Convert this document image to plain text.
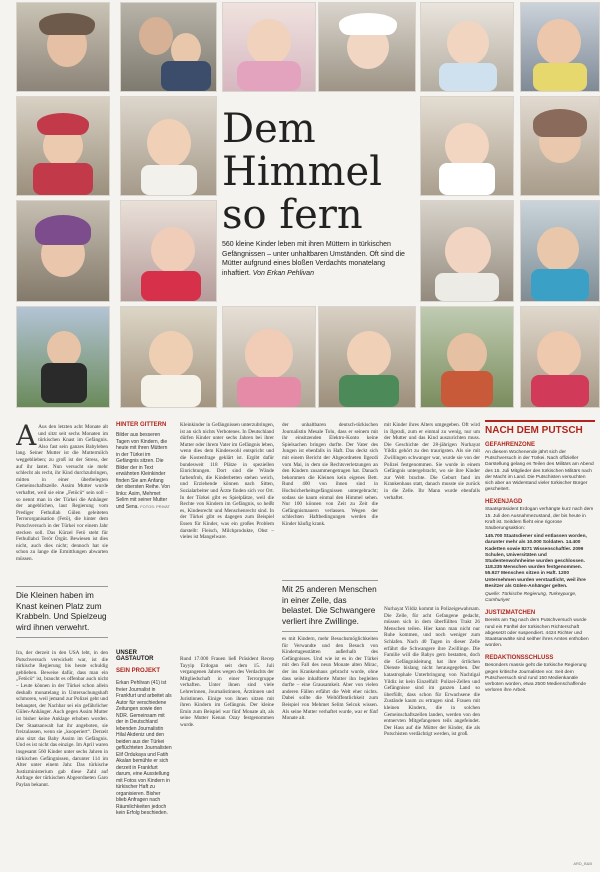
Dem
Himmel
so fern
560 kleine Kinder leben mit ihren Müttern in türkischen Gefängnissen – unter unhaltbaren Umständen. Oft sind die Mütter aufgrund eines bloßen Verdachts monatelang inhaftiert. Von Erkan Pehlivan
A Aus den letzten acht Monate alt und sitzt seit sechs Monaten im türkischen Knast im Gefängnis. Also fast sein ganzes Babyleben lang. Seiner Mutter ist die Muttermilch weggeblieben; zu groß ist der Stress, der auf ihr lastet. Nun versucht sie mehr schlecht als recht, ihr Kind durchzubringen, mitten in einer überbelegten Gemeinschaftszelle. Assim Mutter wurde verhaftet, weil sie eine „Fetöcü“ sein soll – so nennt man in der Türkei die Anhänger der angeblichen, laut Regierung vom Prediger Fethullah Gülen geleiteten Terrororganisation (Fetö), die hinter dem Putschversuch in der Türkei vor einem Jahr stecken soll. Das Kürzel Fetö steht für Fethullahci Terör Örgüt. Bewiesen ist dies nicht, auch dies nicht; dennoch hat sie schon zu lange die Ermittlungen abwarten müssen.
Die Kleinen haben im Knast keinen Platz zum Krabbeln. Und Spielzeug wird ihnen verwehrt.
Ira, der derzeit in den USA lebt, in den Putschversuch verwickelt war, ist die türkische Regierung bis heute schuldig geblieben. Beweise dafür, dass man ein „Fetöcü“ ist, braucht es offenbar auch nicht – Leute können in der Türkei schon allein deshalb monatelang in Untersuchungshaft schmoren, weil jemand zur Polizei geht und behauptet, der Nachbar sei ein gefährlicher Gülen-Anhänger. Auch gegen Assim Mutter ist bisher keine Anklage erhoben worden. Der Staatsanwalt hat ihr angeboten, sie freizulassen, wenn sie „kooperiert“. Derzeit also sitzt das Baby Assim im Gefängnis. Und es ist nicht das einzige. Im April waren insgesamt 560 Kinder unter sechs Jahren in türkischen Gefängnissen, darunter 114 im Alter unter einem Jahr. Das türkische Justizministerium gab diese Zahl auf Anfrage der türkischen Abgeordneten Garo Paylan bekannt.
HINTER GITTERN
Bilder aus besseren Tagen von Kindern, die heute mit ihren Müttern in der Türkei im Gefängnis sitzen. Die Bilder der in Text erwähnten Kleinkinder finden Sie am Anfang der obersten Reihe. Von links: Asim, Mehmet Selim mit seiner Mutter und Sena. FOTOS: PRIVAT
UNSER GASTAUTOR
SEIN PROJEKT
Erkan Pehlivan (41) ist freier Journalist in Frankfurt und arbeitet als Autor für verschiedene Zeitungen sowie den NDR. Gemeinsam mit der in Deutschland lebenden Journalistin Hilal Akdeniz und den beiden aus der Türkei geflüchteten Journalisten Elif Ordukaya und Fatih Akalan bemühte er sich derzeit in Frankfurt darum, eine Ausstellung mit Fotos von Kindern in türkischer Haft zu organisieren. Bisher blieb Anfragen nach Räumlichkeiten jedoch kein Erfolg beschieden.
Kleinkinder in Gefängnissen unterzubringen, ist an sich nichts Verbotenes. In Deutschland dürfen Kinder unter sechs Jahren bei ihrer Mutter oder ihrem Vater im Gefängnis leben, wenn dies dem Kindeswohl entspricht und die Kostenfrage geklärt ist. Ergibt dafür bundesweit 118 Plätze in speziellen Einrichtungen. Dort sind die Wände farbenfroh, die Kinderbetten stehen weich, und Erziehende können nach Sitten, Sozialarbeiter und Ärzte finden sich vor Ort. In der Türkei gibt es Spielplätze, weil die Rechte von Kindern im Gefängnis, so heißt es, Kindesrecht und Menschenrecht sind. In der Türkei gibt es dagegen zum Beispiel Essen für Kinder, was ein großes Problem darstellt: Fleisch, Milchprodukte, Obst – vieles ist Mangelware.
Rund 17.000 Frauen ließ Präsident Recep Tayyip Erdogan seit dem 15. Juli vergangenen Jahres wegen des Verdachts der Mitgliedschaft in einer Terrorgruppe verhaften. Unter ihnen sind viele Lehrerinnen, Journalistinnen, Ärztinnen und Juristinnen. Einige von ihnen sitzen mit ihren Kindern im Gefängnis. Der kleine Emin zum Beispiel war fünf Monate alt, als seine Mutter Kenan Ozay festgenommen wurde.
der unhaltbaren deutsch-türkischen Journalistin Mesale Tolu, dass er seinem mit ihr einsitzenden Elektro-Konto keine Spielsachen bringen durfte. Der Vater des Jungen ist ebenfalls in Haft. Das deckt sich mit einem Bericht der Abgeordneten Ilgezdi vom Mai, in dem sie Rechtsverletzungen an den Kindern zusammengetragen hat. Danach bekommen die Kleinen kein eigenes Bett. Rund 400 von ihnen sind in Hochsicherheitsgefängnissen untergebracht; sodass sie kaum einmal den Himmel sehen. Nur 100 können von Zeit zu Zeit die Gefängnismauern verlassen. Wegen der schlechten Haftbedingungen werden die Kinder häufig krank.
Mit 25 anderen Menschen in einer Zelle, das belastet. Die Schwangere verliert ihre Zwillinge.
es mit Kindern, mehr Besuchsmöglichkeiten für Verwandte und den Besuch von Kindertagesstätten außerhalb des Gefängnisses. Und wie ist es in der Türkei mit den Fall des neun Monate alten Mirac, der ins Krankenhaus gebracht wurde, ohne dass seine inhaftierte Mutter ihn begleiten durfte – eine Grausamkeit. Aber von vielen anderen Fällen erfährt die Welt eher nichts. Dabei sollte die Weltöffentlichkeit zum Beispiel von Mehmet Selim Selcuk wissen. Als seine Mutter verhaftet wurde, war er fünf Monate alt.
mit Kinder ihres Alters umgegeben. Oft wird in Ilgezdi, zum er einmal zu wenig, nur um der Mutter und das Kind auszurichten muss. Die Geschichte der 28-jährigen Nurhayat Yildiz gehört zu den traurigsten. Als sie mit Zwillingen schwanger war, wurde sie von der Polizei festgenommen. Sie wurde in einem Gefängnis untergebracht, wo sie ihre Kinder zur Welt brachte. Die Geburt fand im Krankenhaus statt, danach musste sie zurück in die Zelle. Ihr Mann wurde ebenfalls verhaftet.
Nurhayat Yildiz kommt in Polizeigewahrsam. Die Zelle, für acht Gefangene gedacht, müssen sich in dem überfüllten Trakt 26 Menschen teilen. Hier kann man nicht nur Ruhe kommen, und noch weniger zum Schlafen. Nach 40 Tagen in dieser Zelle erfährt die Schwangere ihre Zwillinge. Die Familie will die Babys gern bestatten, doch die Gefängnisleitung hat ihre örtlichen Dienste bislang nicht herausgegeben. Der katastrophale Unterbringung von Nachtigal Yildiz ist kein Einzelfall: Polizei-Zellen und Gefängnisse sind im ganzen Land so überfüllt, dass schon für Erwachsene die Zustände kaum zu ertragen sind. Frauen mit kleinen Kindern, die in solchen Gemeinschaftszellen landen, werden von den entnervten Mitgefangenen teils angefeindet. Der Hass auf die Mütter der Kinder, die als Putschisten verdächtigt werden, ist groß.
NACH DEM PUTSCH
GEFAHRENZONE
An diesem Wochenende jährt sich der Putschversuch in der Türkei. Nach offizieller Darstellung gelang es Teilen des Militärs am Abend des 15. Juli Mitglieder des türkischen Militärs nach der Macht im Land. Die Putschisten versuchten sich aber an Widerstand vieler türkischer Bürger gescheitert.
HEXENJAGD
Staatspräsident Erdogan verhängte kurz nach dem 15. Juli den Ausnahmezustand, der bis heute in Kraft ist. Seitdem flieht eine rigorose Säuberungsaktion:
145.700 Staatsdiener sind entlassen worden, darunter mehr als 10.000 Soldaten. 14.400 Kadetten sowie 8271 Wissenschaftler. 2099 Schulen, Universitäten und Studentenwohnheime wurden geschlossen. 118.235 Menschen wurden festgenommen. 55.927 Menschen sitzen in Haft. 1200 Unternehmen wurden verstaatlicht, weil ihre Besitzer als Gülen-Anhänger gelten.
Quelle: Türkische Regierung, Turkeypurge, Cumhuriyet
JUSTIZMATCHEN
Bereits am Tag nach dem Putschversuch wurde rund ein Fünftel der türkischen Richterschaft abgesetzt oder suspendiert. 4424 Richter und Staatsanwälte sind seither ihres Amtes enthoben worden.
REDAKTIONSSCHLUSS
Besonders massiv geht die türkische Regierung gegen kritische Journalisten vor. Seit dem Putschversuch sind rund 150 Medienkanäle verboten worden, etwa 2500 Medienschaffende verloren ihre Arbeit.
ARD_B&B
